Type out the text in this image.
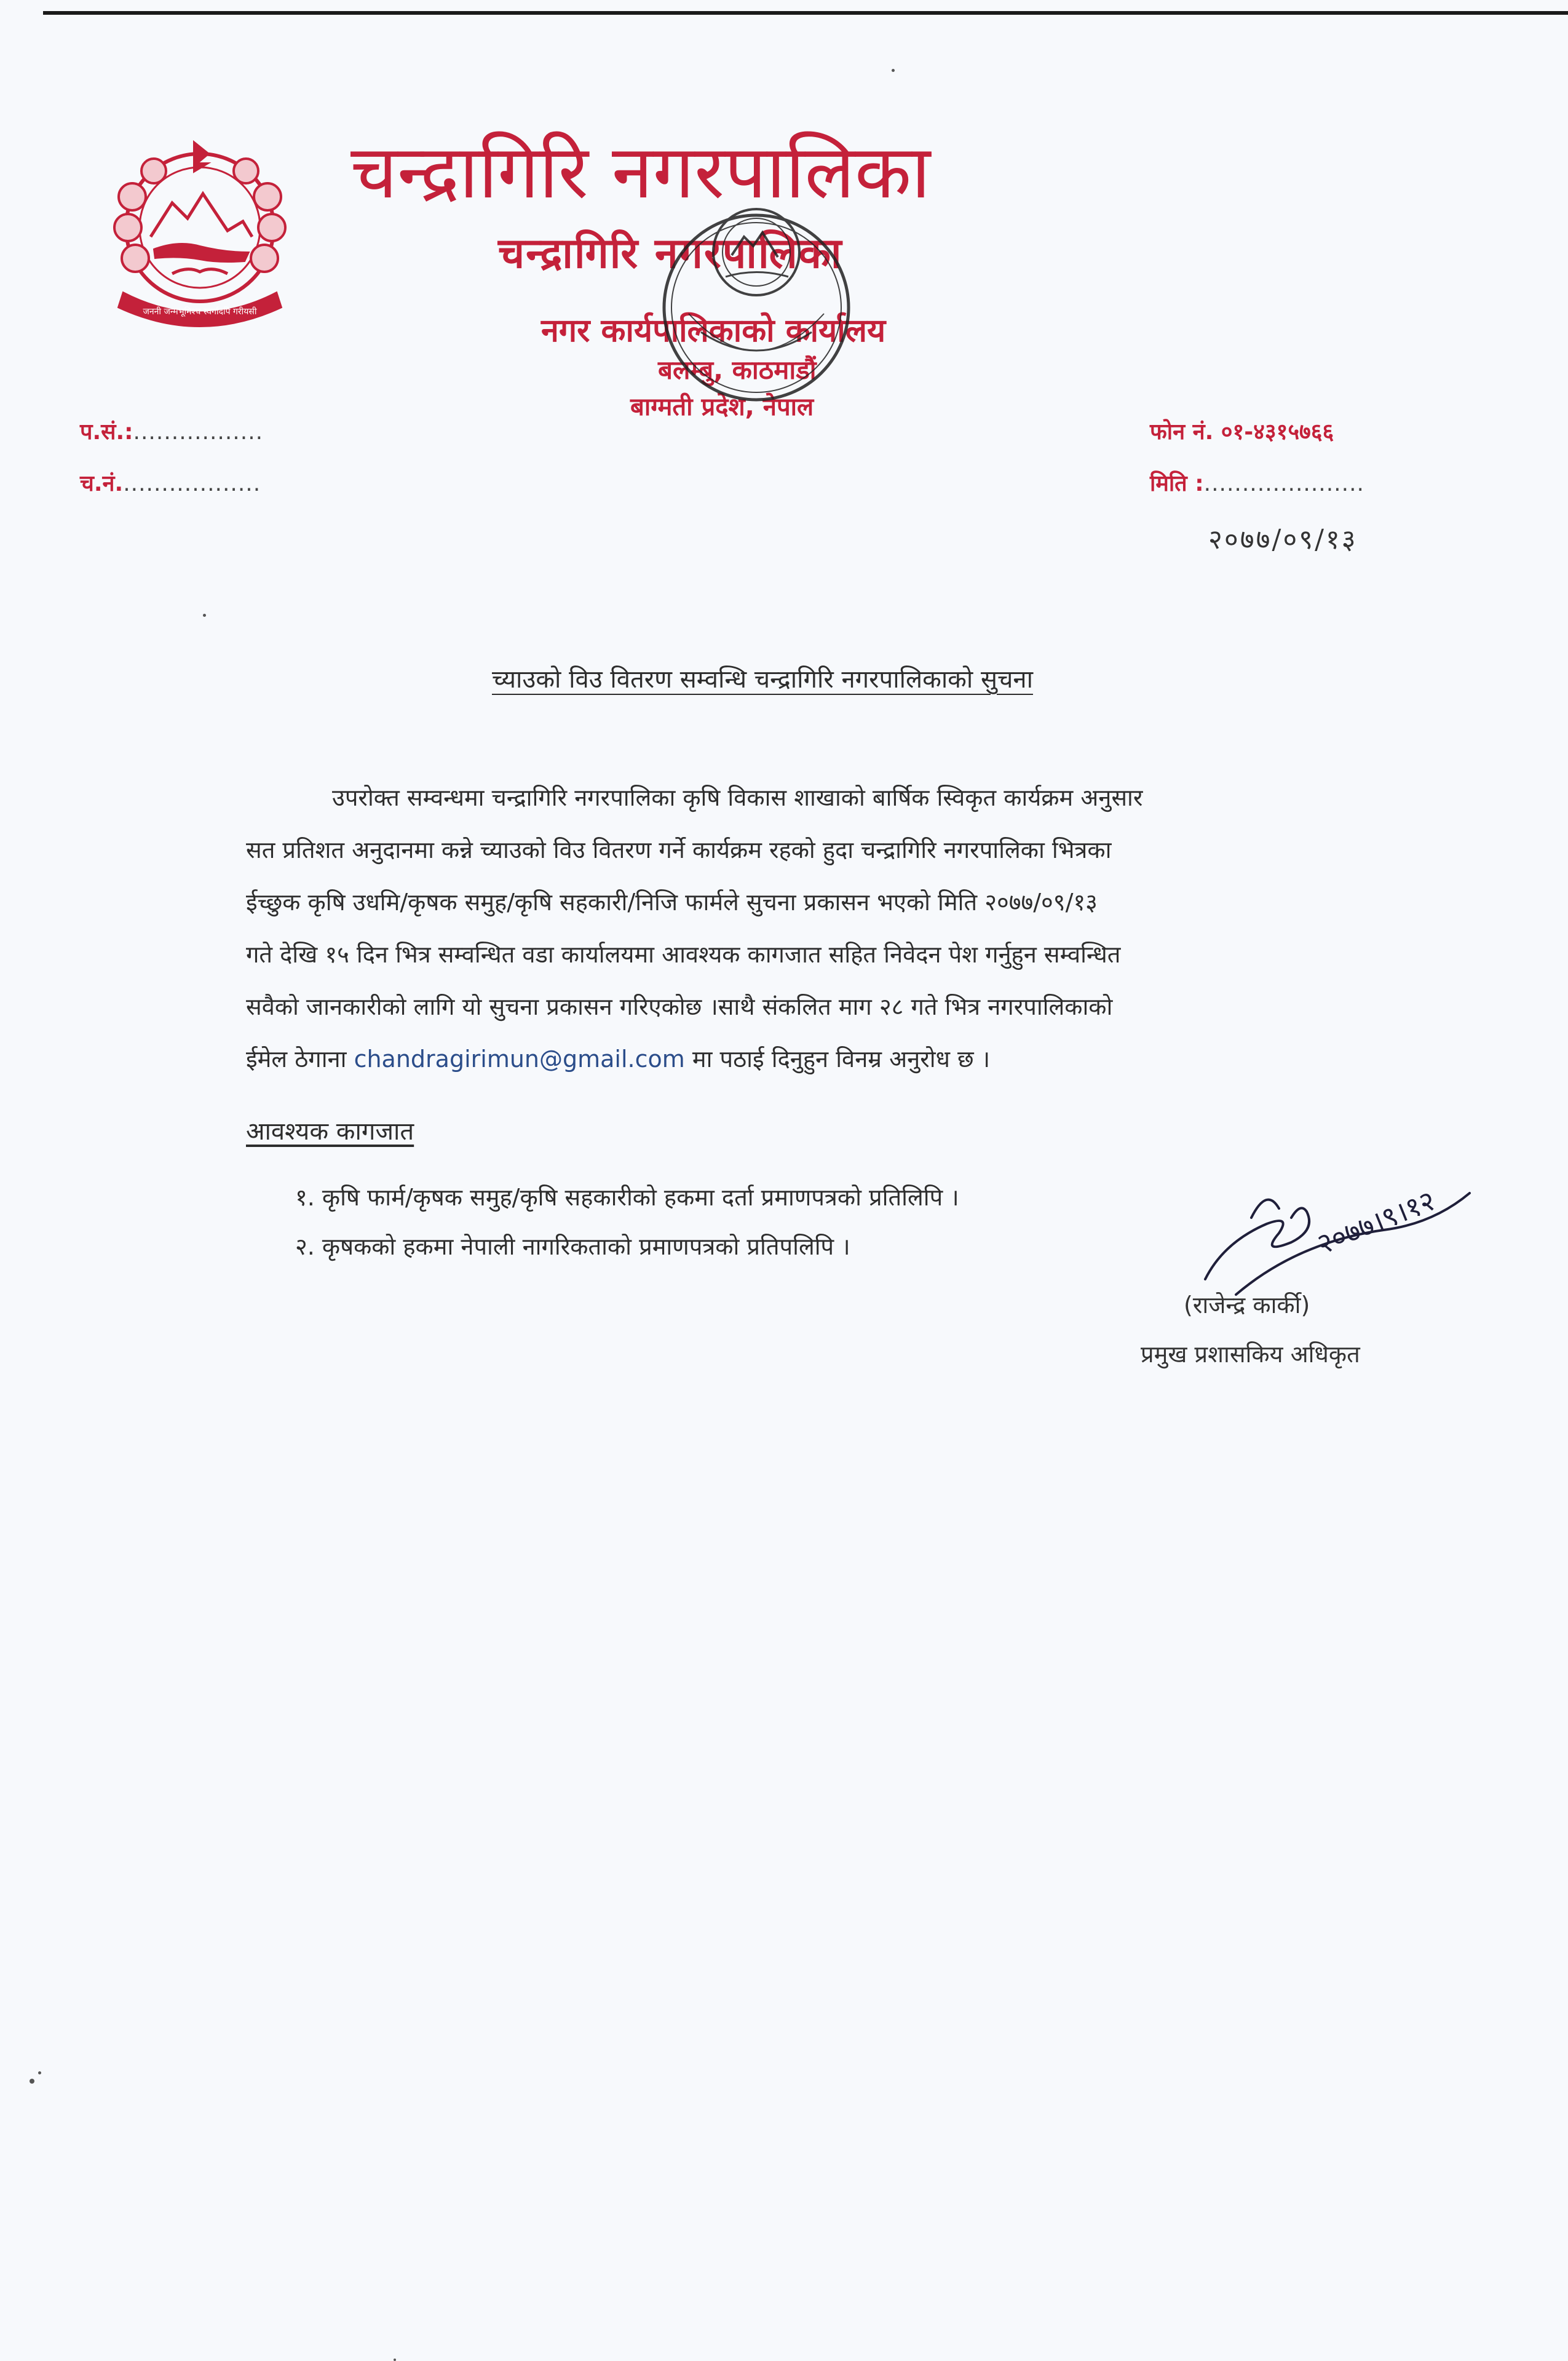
जननी जन्मभूमिश्च स्वर्गादपि गरीयसी
चन्द्रागिरि नगरपालिका
चन्द्रागिरि नगरपालिका
नगर कार्यपालिकाको कार्यालय
बलम्बु, काठमाडौं
बाग्मती प्रदेश, नेपाल
प.सं.:.................
च.नं...................
फोन नं. ०१-४३१५७६६
मिति :.....................
२०७७/०९/१३
च्याउको विउ वितरण सम्वन्धि चन्द्रागिरि नगरपालिकाको सुचना
उपरोक्त सम्वन्धमा चन्द्रागिरि नगरपालिका कृषि विकास शाखाको बार्षिक स्विकृत कार्यक्रम अनुसार
सत प्रतिशत अनुदानमा कन्ने च्याउको विउ वितरण गर्ने कार्यक्रम रहको हुदा चन्द्रागिरि नगरपालिका भित्रका
ईच्छुक कृषि उधमि/कृषक समुह/कृषि सहकारी/निजि फार्मले सुचना प्रकासन भएको मिति २०७७/०९/१३
गते देखि १५ दिन भित्र सम्वन्धित वडा कार्यालयमा आवश्यक कागजात सहित निवेदन पेश गर्नुहुन सम्वन्धित
सवैको जानकारीको लागि यो सुचना प्रकासन गरिएकोछ ।साथै संकलित माग २८ गते भित्र नगरपालिकाको
ईमेल ठेगाना chandragirimun@gmail.com मा पठाई दिनुहुन विनम्र अनुरोध छ ।
आवश्यक कागजात
१. कृषि फार्म/कृषक समुह/कृषि सहकारीको हकमा दर्ता प्रमाणपत्रको प्रतिलिपि ।
२. कृषकको हकमा नेपाली नागरिकताको प्रमाणपत्रको प्रतिपलिपि ।	२०७७।९।१२
(राजेन्द्र कार्की)
प्रमुख प्रशासकिय अधिकृत
